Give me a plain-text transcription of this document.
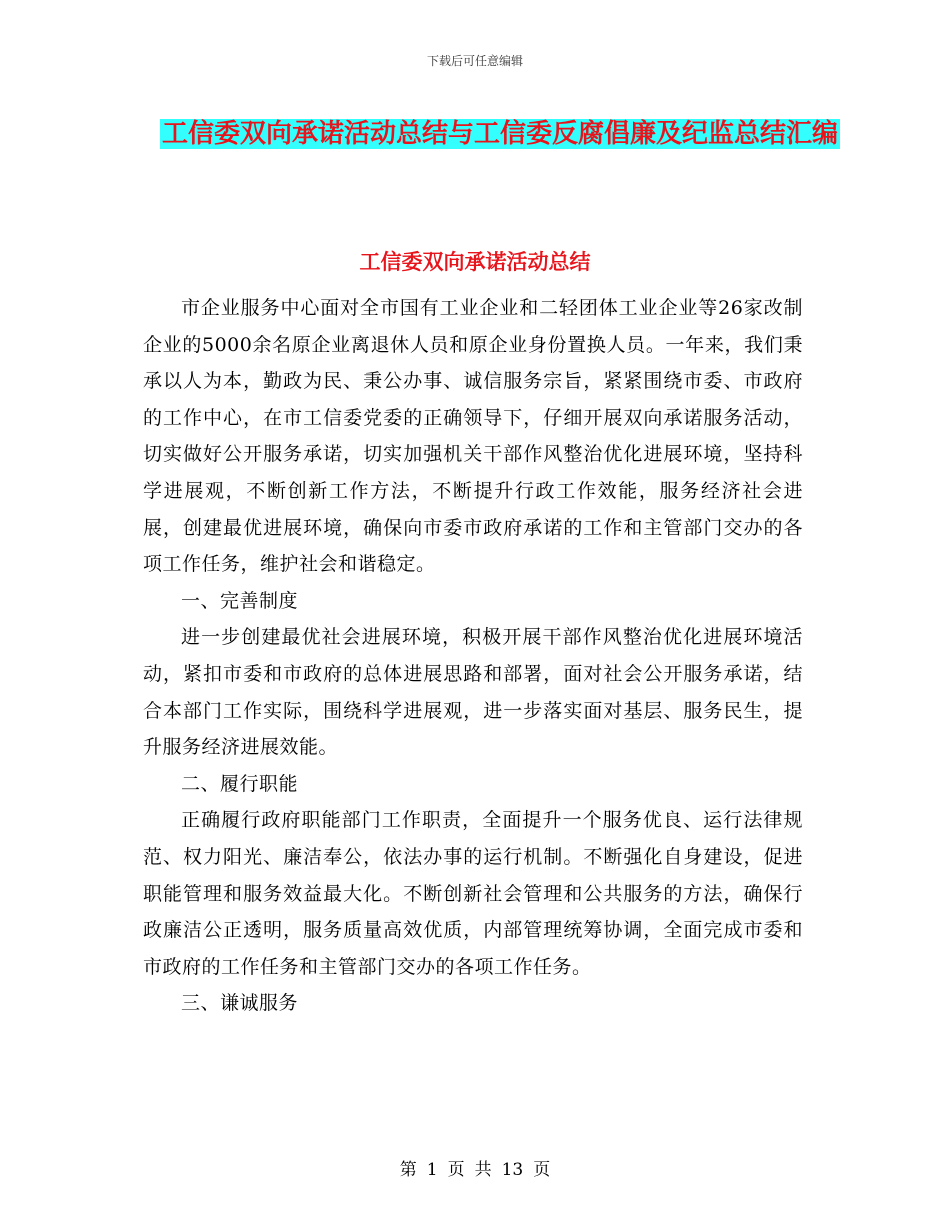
下载后可任意编辑
工信委双向承诺活动总结与工信委反腐倡廉及纪监总结汇编
工信委双向承诺活动总结

市企业服务中心面对全市国有工业企业和二轻团体工业企业等26家改制企业的5000余名原企业离退休人员和原企业身份置换人员。一年来，我们秉承以人为本，勤政为民、秉公办事、诚信服务宗旨，紧紧围绕市委、市政府的工作中心，在市工信委党委的正确领导下，仔细开展双向承诺服务活动，切实做好公开服务承诺，切实加强机关干部作风整治优化进展环境，坚持科学进展观，不断创新工作方法，不断提升行政工作效能，服务经济社会进展，创建最优进展环境，确保向市委市政府承诺的工作和主管部门交办的各项工作任务，维护社会和谐稳定。

一、完善制度

进一步创建最优社会进展环境，积极开展干部作风整治优化进展环境活动，紧扣市委和市政府的总体进展思路和部署，面对社会公开服务承诺，结合本部门工作实际，围绕科学进展观，进一步落实面对基层、服务民生，提升服务经济进展效能。

二、履行职能

正确履行政府职能部门工作职责，全面提升一个服务优良、运行法律规范、权力阳光、廉洁奉公，依法办事的运行机制。不断强化自身建设，促进职能管理和服务效益最大化。不断创新社会管理和公共服务的方法，确保行政廉洁公正透明，服务质量高效优质，内部管理统筹协调，全面完成市委和市政府的工作任务和主管部门交办的各项工作任务。

三、谦诚服务

第 1 页 共 13 页
